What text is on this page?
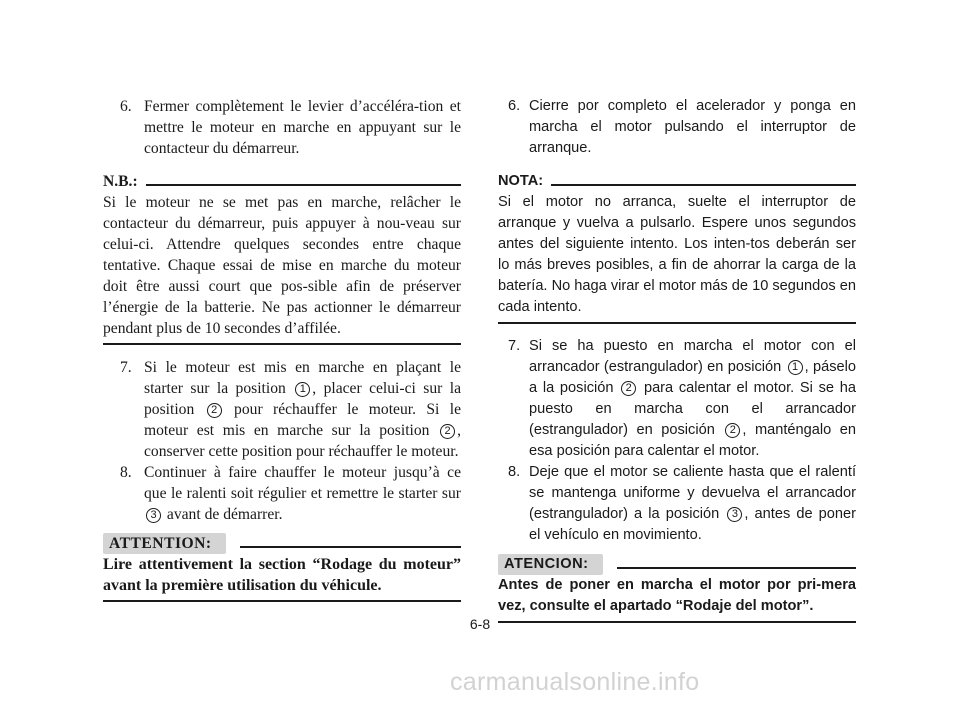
6. Fermer complètement le levier d’accéléra-tion et mettre le moteur en marche en appuyant sur le contacteur du démarreur.
N.B.:
Si le moteur ne se met pas en marche, relâcher le contacteur du démarreur, puis appuyer à nou-veau sur celui-ci. Attendre quelques secondes entre chaque tentative. Chaque essai de mise en marche du moteur doit être aussi court que pos-sible afin de préserver l’énergie de la batterie. Ne pas actionner le démarreur pendant plus de 10 secondes d’affilée.
7. Si le moteur est mis en marche en plaçant le starter sur la position 1 , placer celui-ci sur la position 2 pour réchauffer le moteur. Si le moteur est mis en marche sur la position 2 , conserver cette position pour réchauffer le moteur.
8. Continuer à faire chauffer le moteur jusqu’à ce que le ralenti soit régulier et remettre le starter sur 3 avant de démarrer.
ATTENTION:
Lire attentivement la section “Rodage du moteur” avant la première utilisation du véhicule.
6. Cierre por completo el acelerador y ponga en marcha el motor pulsando el interruptor de arranque.
NOTA:
Si el motor no arranca, suelte el interruptor de arranque y vuelva a pulsarlo. Espere unos segundos antes del siguiente intento. Los inten-tos deberán ser lo más breves posibles, a fin de ahorrar la carga de la batería. No haga virar el motor más de 10 segundos en cada intento.
7. Si se ha puesto en marcha el motor con el arrancador (estrangulador) en posición 1 , páselo a la posición 2 para calentar el motor. Si se ha puesto en marcha con el arrancador (estrangulador) en posición 2 , manténgalo en esa posición para calentar el motor.
8. Deje que el motor se caliente hasta que el ralentí se mantenga uniforme y devuelva el arrancador (estrangulador) a la posición 3 , antes de poner el vehículo en movimiento.
ATENCION:
Antes de poner en marcha el motor por pri-mera vez, consulte el apartado “Rodaje del motor”.
6-8
carmanualsonline.info
